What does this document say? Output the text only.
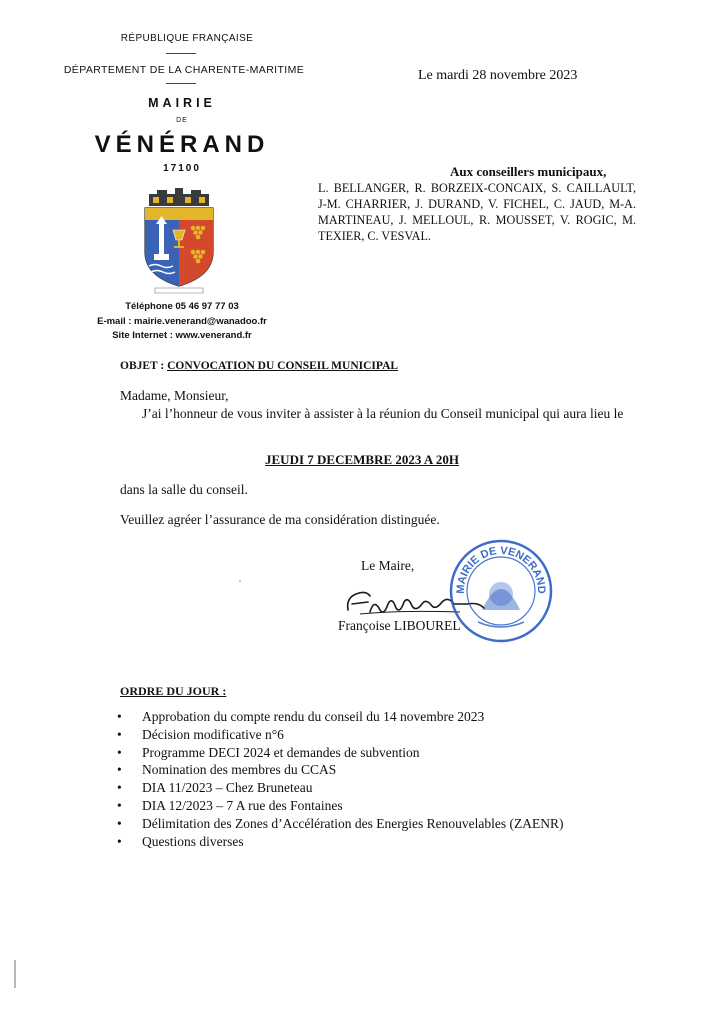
RÉPUBLIQUE FRANÇAISE
DÉPARTEMENT DE LA CHARENTE-MARITIME
MAIRIE
DE
VÉNÉRAND
17100
Téléphone 05 46 97 77 03
E-mail : mairie.venerand@wanadoo.fr
Site Internet : www.venerand.fr
Le mardi 28 novembre 2023
Aux conseillers municipaux,
L. BELLANGER, R. BORZEIX-CONCAIX, S. CAILLAULT, J-M. CHARRIER, J. DURAND, V. FICHEL, C. JAUD, M-A. MARTINEAU, J. MELLOUL, R. MOUSSET, V. ROGIC, M. TEXIER, C. VESVAL.
OBJET : CONVOCATION DU CONSEIL MUNICIPAL
Madame, Monsieur,
J’ai l’honneur de vous inviter à assister à la réunion du Conseil municipal qui aura lieu le
JEUDI 7 DECEMBRE 2023 A 20H
dans la salle du conseil.
Veuillez agréer l’assurance de ma considération distinguée.
Le Maire,
Françoise LIBOUREL
MAIRIE DE VENERAND
ORDRE DU JOUR :
• Approbation du compte rendu du conseil du 14 novembre 2023
• Décision modificative n°6
• Programme DECI 2024 et demandes de subvention
• Nomination des membres du CCAS
• DIA 11/2023 – Chez Bruneteau
• DIA 12/2023 – 7 A rue des Fontaines
• Délimitation des Zones d’Accélération des Energies Renouvelables (ZAENR)
• Questions diverses
